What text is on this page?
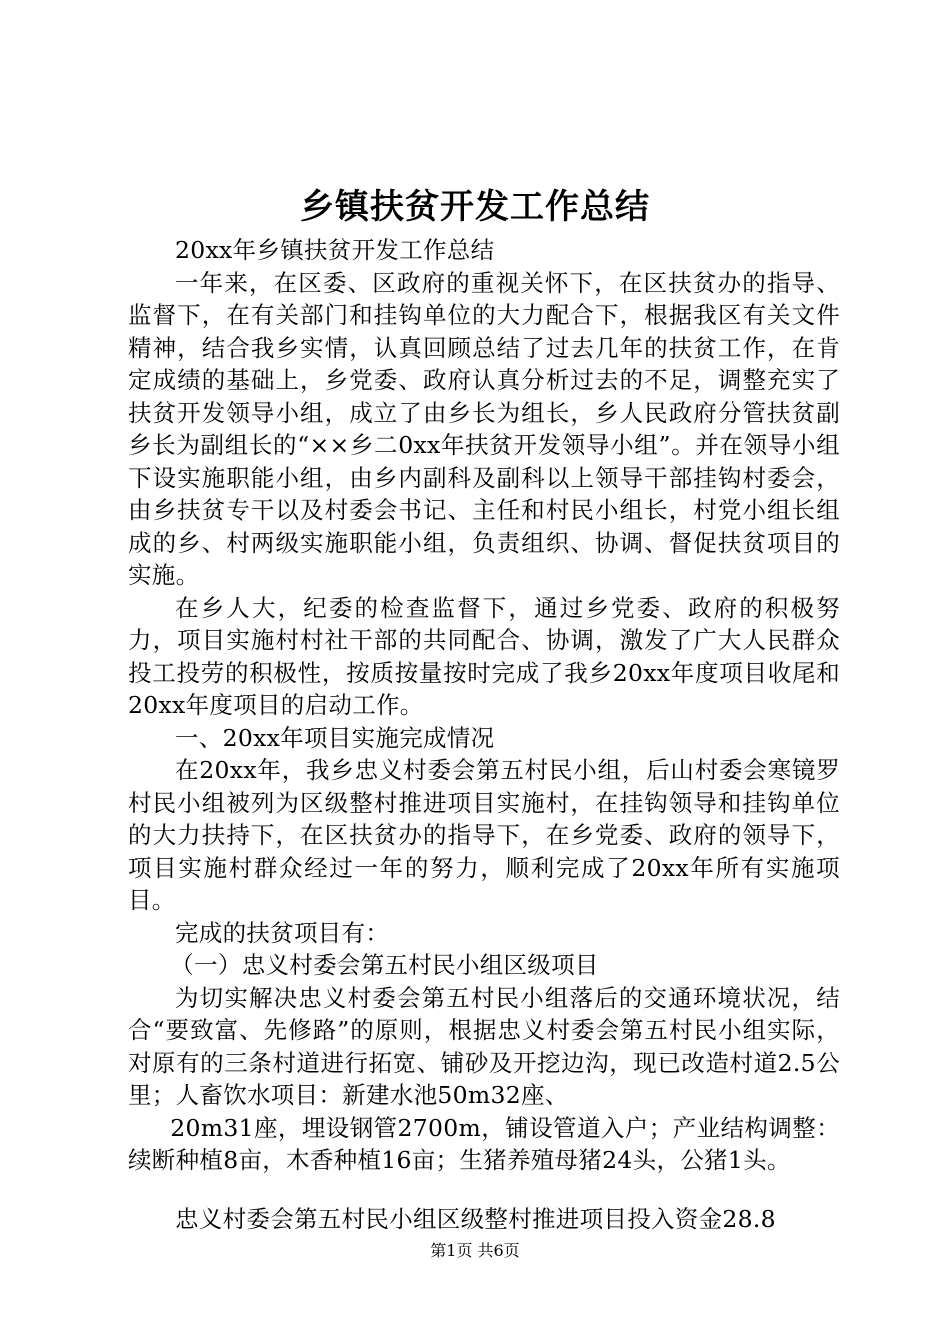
乡镇扶贫开发工作总结

20xx年乡镇扶贫开发工作总结

一年来，在区委、区政府的重视关怀下，在区扶贫办的指导、监督下，在有关部门和挂钩单位的大力配合下，根据我区有关文件精神，结合我乡实情，认真回顾总结了过去几年的扶贫工作，在肯定成绩的基础上，乡党委、政府认真分析过去的不足，调整充实了扶贫开发领导小组，成立了由乡长为组长，乡人民政府分管扶贫副乡长为副组长的“××乡二0xx年扶贫开发领导小组”。并在领导小组下设实施职能小组，由乡内副科及副科以上领导干部挂钩村委会，由乡扶贫专干以及村委会书记、主任和村民小组长，村党小组长组成的乡、村两级实施职能小组，负责组织、协调、督促扶贫项目的实施。

在乡人大，纪委的检查监督下，通过乡党委、政府的积极努力，项目实施村村社干部的共同配合、协调，激发了广大人民群众投工投劳的积极性，按质按量按时完成了我乡20xx年度项目收尾和20xx年度项目的启动工作。

一、20xx年项目实施完成情况

在20xx年，我乡忠义村委会第五村民小组，后山村委会寒镜罗村民小组被列为区级整村推进项目实施村，在挂钩领导和挂钩单位的大力扶持下，在区扶贫办的指导下，在乡党委、政府的领导下，项目实施村群众经过一年的努力，顺利完成了20xx年所有实施项目。

完成的扶贫项目有：

（一）忠义村委会第五村民小组区级项目

为切实解决忠义村委会第五村民小组落后的交通环境状况，结合“要致富、先修路”的原则，根据忠义村委会第五村民小组实际，对原有的三条村道进行拓宽、铺砂及开挖边沟，现已改造村道2.5公里；人畜饮水项目：新建水池50m32座、

20m31座，埋设钢管2700m，铺设管道入户；产业结构调整：续断种植8亩，木香种植16亩；生猪养殖母猪24头，公猪1头。

忠义村委会第五村民小组区级整村推进项目投入资金28.8

第1页 共6页
